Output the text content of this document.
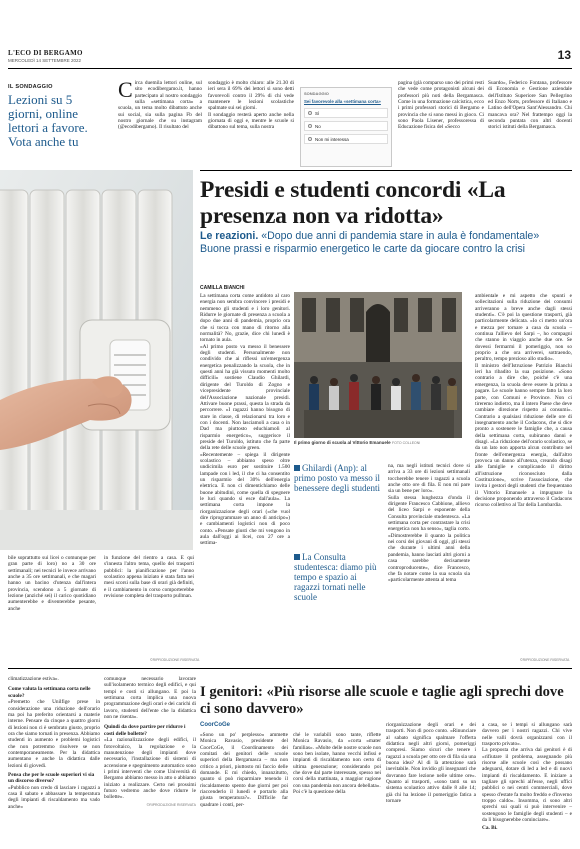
L'ECO DI BERGAMO
MERCOLEDÌ 14 SETTEMBRE 2022	13
IL SONDAGGIO
Lezioni su 5 giorni, online lettori a favore. Vota anche tu
C irca duemila lettori online, sul sito ecodibergamo.it, hanno partecipato al nostro sondaggio sulla «settimana corta» a scuola, un tema molto dibattuto anche sui social, sia sulla pagina Fb del nostro giornale che su instagram (@ecodibergamo). Il risultato del

sondaggio è molto chiaro: alle 21.30 di ieri sera il 69% dei lettori si sono detti favorevoli contro il 29% di chi vede mantenere le lezioni scolastiche spalmate sui sei giorni.
Il sondaggio resterà aperto anche nella giornata di oggi e, mentre le scuole si dibattono sul tema, sulla nostra

SONDAGGIO
Sei favorevole alla «settimana corta»
Sì
No
Non mi interessa

pagina (già comparso uno dei primi resti che vede come protagonisti alcuni dei professori più noti della Bergamasca. Come in una formazione calcistica, ecco i primi professori storici di Bergamo e provincia che si sono messi in gioco. Ci sono Paola Lisener, professoressa di Educazione fisica del «Secco

Suardo», Federico Fontana, professore di Economia e Gestione aziendale dell'Istituto Superiore San Pellegrino ed Enzo Norts, professore di Italiano e Latino dell'Opera Sant'Alessandro. Chi mancava ora? Nel frattempo oggi la seconda puntata con altri docenti storici istituti della Bergamasca.

Presidi e studenti concordi «La presenza non va ridotta»
Le reazioni. «Dopo due anni di pandemia stare in aula è fondamentale» Buone prassi e risparmio energetico le carte da giocare contro la crisi
CAMILLA BIANCHI

La settimana corta come antidoto al caro energia non sembra convincere i presidi e nemmeno gli studenti e i loro genitori. Ridurre le giornate di presenza a scuola a dopo due anni di pandemia, proprio ora che si tocca con mano di ritorno alla normalità? No, grazie, dice chi lunedì è tornato in aula.
«Al primo posto va messo il benessere degli studenti. Personalmente non condivido che ai riflessi un'emergenza energetica penalizzando la scuola, che in questi anni ha già vissuto momenti molto difficili» sostiene Claudio Ghilardi, dirigente del Turoldo di Zogno e vicepresidente provinciale dell'Associazione nazionale presidi. Attivare buone prassi, questa la strada da percorrere. «I ragazzi hanno bisogno di stare in classe, di relazionarsi tra loro e con i docenti. Non lasciamoli a casa o in Dad ma piuttosto educhiamoli al risparmio energetico», suggerisce il preside del Turoldo, istituto che fa parte della rete delle scuole green.
«Recentemente – spiega il dirigente scolastico – abbiamo speso oltre undicimila euro per sostituire 1.500 lampade con i led, il che ci ha consentito un risparmio del 30% dell'energia elettrica. E non ci dimentichiamo delle buone abitudini, come quella di spegnere le luci quando si esce dall'aula». La settimana corta impone la riorganizzazione degli orari (»che vuol dire riprogrammare un anno di anticipo») e cambiamenti logistici non di poco conto. «Pensate giusti che mi vengono in aula dall'oggi ai licei, con 27 ore a settima-

Il primo giorno di scuola al Vittorio Emanuele FOTO COLLEONI
Ghilardi (Anp): al primo posto va messo il benessere degli studenti
La Consulta studentesca: diamo più tempo e spazio ai ragazzi tornati nelle scuole

na, ma negli istituti tecnici dove si arriva a 33 ore di lezioni settimanali toccherebbe tenere i ragazzi a scuola anche otto ore di fila. E non mi pare sia un bene per loro».
Sulla stessa lunghezza d'onda il dirigente Francesco Cabbione, allievo del liceo Sarpi e esponente della Consulta provinciale studentesca. «La settimana corta per contrastare la crisi energetica non ha senso», taglia corto. «Dimostrerebbe il quanto la politica nei corsi dei giovani di oggi, gli stessi che durante i ultimi anni della pandemia, hanno lasciati altri giorni a casa sarebbe decisamente controproducente», dice Francesco, che fa notare come la sua scuola sia «particolarmente attenta al tema

ambientale e mi aspetto che spunti e sollecitazioni sulla riduzione dei consumi arriveranno a breve anche dagli stessi studenti». C'è poi la questione trasporti, già particolarmente delicata. «Io ci metto un'ora e mezza per tornare a casa da scuola – continua l'allievo del Sarpi –, ho compagni che stanno in viaggio anche due ore. Se dovessi fermarmi il pomeriggio, non so proprio a che ora arriverei, sottraendo, peraltro, tempo prezioso allo studio».
Il ministro dell'Istruzione Patrizio Bianchi ieri ha ribadito la sua posizione. «Sono contrario a dire che, poiché c'è una emergenza, la scuola deve essere la prima a pagare. Le scuole hanno sempre fatto la loro parte, con Comuni e Province. Non ci tireremo indietro, ma il intero Paese che deve cambiare direzione rispetto ai consumi». Contrario a qualsiasi riduzione delle ore di insegnamento anche il Codacons, che si dice pronto a sostenere le famiglie che, a causa della settimana corta, subiranno danni e disagi. «La riduzione dell'orario scolastico, se da un lato non apporta alcun contributo nel fronte dell'emergenza energia, dall'altro provoca un danno all'utenza, creando disagi alle famiglie e complicando il diritto all'istruzione riconosciuto dalla Costituzione», scrive l'associazione, che invita i gestori degli studenti che frequentano il Vittorio Emanuele a impugnare la decisione proponendo attraverso il Codacons ricorso collettivo al Tar della Lombardia.

©RIPRODUZIONE RISERVATA

bile soprattutto sui licei o comunque per gran parte di loro) no a 30 ore settimanali; nei tecnici le invece arrivano anche a 35 ore settimanali, e che magari hanno un bacino d'utenza dall'intera provincia, scendono a 5 giornate di lezione (anziché sei) il carico quotidiano aumenterebbe e diventerebbe pesante, anche

in funzione del rientro a casa. E qui s'innesta l'altro tema, quello dei trasporti pubblici: la pianificazione per l'anno scolastico appena iniziato è stata fatta nei mesi scorsi sulla base di orari già definiti, e il cambiamento in corso comporterebbe revisione completa del trasporto pullman.

©RIPRODUZIONE RISERVATA
I genitori: «Più risorse alle scuole e taglie agli sprechi dove ci sono davvero»
CoorCoGe

climatizzazione estiva».

Come valuta la settimana corta nelle scuole?

«Premetto che Unilfige prese in considerazione una riduzione dell'orario ma poi ha preferito orientarsi a materie interne. Pensare da cinque a quattro giorni di lezioni non ci è sembrato giusto, proprio ora che siamo tornati in presenza. Abbiamo studenti in aumento e problemi logistici che non potremmo risolvere se non contemporaneamente. Per la didattica aumentano e anche la didattica dalle lezioni di giovedì.

Pensa che per le scuole superiori vi sia un discorso diverso?

«Pubblico non credo di lasciare i ragazzi a casa il sabato e abbassare la temperatura degli impianti di riscaldamento ma vado anche»

comunque necessario lavorare sull'isolamento termico degli edifici, e qui tempi e costi si allungano. E poi la settimana corta implica una nuova programmazione degli orari e dei carichi di lavoro, studenti dell'ente che la didattica non ne risenta».

Quindi da dove partire per ridurre i costi delle bollette?

«La razionalizzazione degli edifici, il fotovoltaico, la regolazione e la manutenzione degli impianti dove necessario, l'installazione di sistemi di accensione e spegnimento automatico sono i primi interventi che come Università di Bergamo abbiamo messo in atto o abbiamo iniziato a realizzare. Certo nei prossimi futuro vedremo anche dove ridurre le bollette».

©RIPRODUZIONE RISERVATA

«Sono un po' perplesso» ammette Monica Ravasio, presidente del CoorCoGe, il Coordinamento dei comitati dei genitori delle scuole superiori della Bergamasca – ma non critico a priori, piuttosto mi faccio delle domande. E mi chiedo, innanzitutto, quanto si può risparmiare tenendo il riscaldamento spento due giorni per poi riaccenderlo il lunedì e portarlo alla giusta temperatura?». Difficile far quadrare i conti, per-

ché le variabili sono tante, riflette Monica Ravasio, da «corta «mater familias». «Molte delle nostre scuole non sono ben isolate, hanno vecchi infissi e impianti di riscaldamento non certo di ultima generazione; considerando poi che dove dal parte interessate, spesso nei corsi della mattinata, a maggior ragione con una pandemia non ancora debellata».
Poi c'è la questione della

riorganizzazione degli orari e dei trasporti. Non di poco conto. «Rinunciare al sabato significa spalmare l'offerta didattica negli altri giorni, pomeriggi compresi. Siamo sicuri che tenere i ragazzi a scuola per otto ore di fila sia una buona idea? Al di là attenzione sarà inevitabile. Non invidio gli insegnanti che dovranno fare lezione nelle ultime ore». Quanto ai trasporti, «sono tanti su un sistema scolastico attivo dalle 8 alle 14; già chi ha lezione il pomeriggio fatica a tornare

a casa, se i tempi si allungano sarà davvero per i nostri ragazzi. Chi vive nelle valli dovrà organizzarsi con il trasporto privato».
La proposta che arriva dai genitori è di «rifiutare il problema, assegnando più risorse alle scuole così che possano adeguarsi, dotare di led a led e di nuovi impianti di riscaldamento. E iniziare a tagliare gli sprechi all'esse, negli uffici pubblici o nei centri commerciali, dove spesso d'estate fa molto freddo e d'inverno troppo caldo». Insomma, ci sono altri sprechi sui quali si può intervenire – sostengono le famiglie degli studenti – e da lì bisognerebbe cominciare».

Ca. Bi.
